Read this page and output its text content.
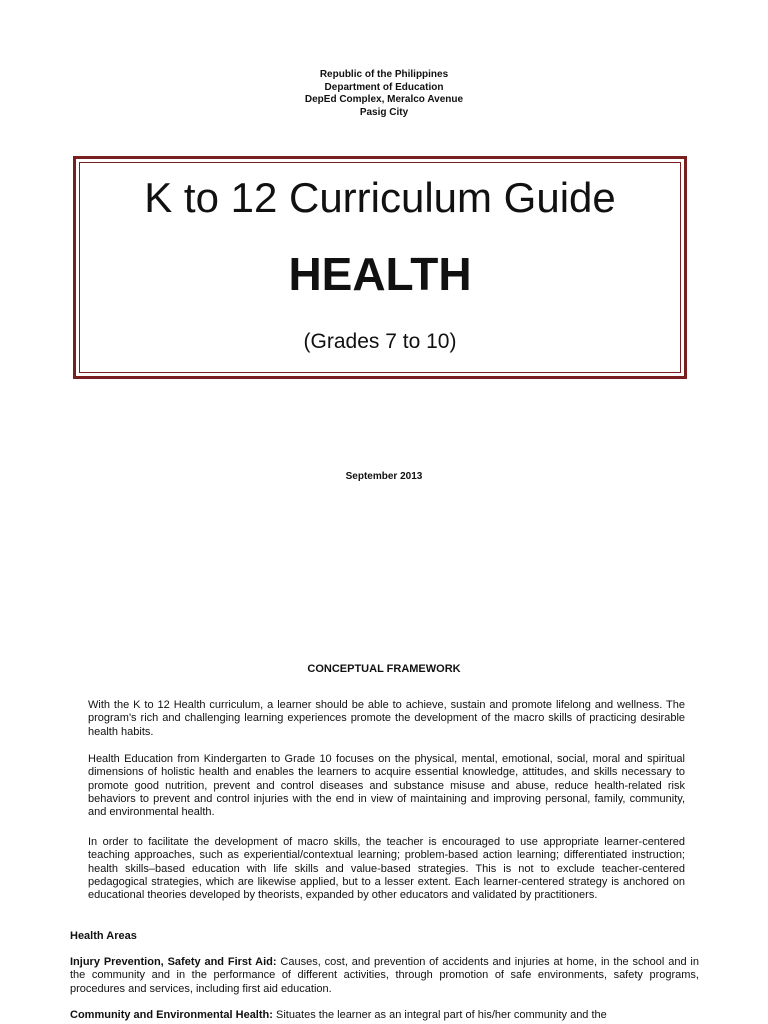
Republic of the Philippines
Department of Education
DepEd Complex, Meralco Avenue
Pasig City
K to 12 Curriculum Guide
HEALTH
(Grades 7 to 10)
September 2013
CONCEPTUAL FRAMEWORK

With the K to 12 Health curriculum, a learner should be able to achieve, sustain and promote lifelong and wellness. The program's rich and challenging learning experiences promote the development of the macro skills of practicing desirable health habits.

Health Education from Kindergarten to Grade 10 focuses on the physical, mental, emotional, social, moral and spiritual dimensions of holistic health and enables the learners to acquire essential knowledge, attitudes, and skills necessary to promote good nutrition, prevent and control diseases and substance misuse and abuse, reduce health-related risk behaviors to prevent and control injuries with the end in view of maintaining and improving personal, family, community, and environmental health.

In order to facilitate the development of macro skills, the teacher is encouraged to use appropriate learner-centered teaching approaches, such as experiential/contextual learning; problem-based action learning; differentiated instruction; health skills–based education with life skills and value-based strategies. This is not to exclude teacher-centered pedagogical strategies, which are likewise applied, but to a lesser extent. Each learner-centered strategy is anchored on educational theories developed by theorists, expanded by other educators and validated by practitioners.

Health Areas

Injury Prevention, Safety and First Aid: Causes, cost, and prevention of accidents and injuries at home, in the school and in the community and in the performance of different activities, through promotion of safe environments, safety programs, procedures and services, including first aid education.

Community and Environmental Health: Situates the learner as an integral part of his/her community and the
